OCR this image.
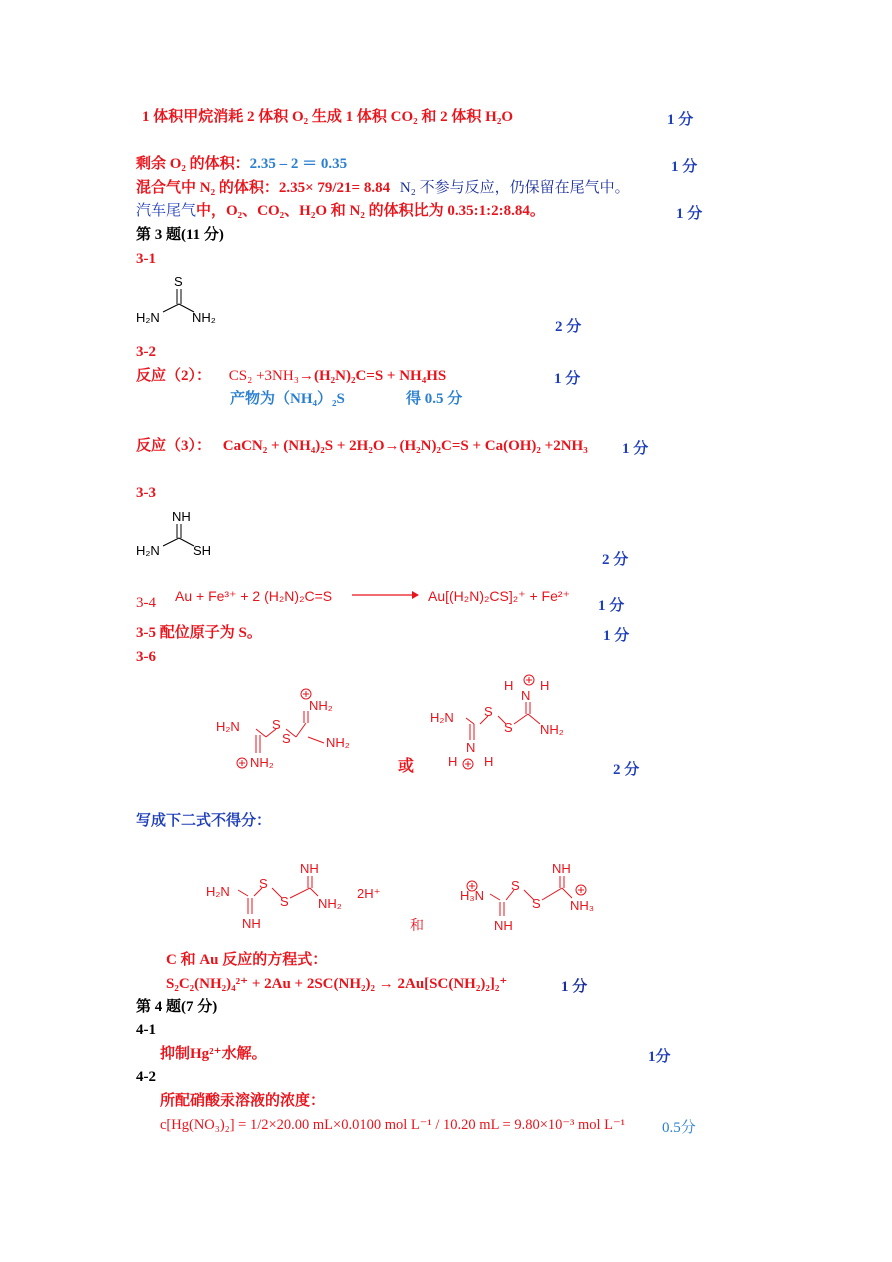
1 体积甲烷消耗 2 体积 O₂ 生成 1 体积 CO₂ 和 2 体积 H₂O	1 分
剩余 O₂ 的体积：2.35 – 2 ＝ 0.35	1 分
混合气中 N₂ 的体积：2.35× 79/21= 8.84 N₂ 不参与反应，仍保留在尾气中。
汽车尾气中，O₂、CO₂、H₂O 和 N₂ 的体积比为 0.35:1:2:8.84。	1 分
第 3 题(11 分)
3-1
S
H₂N NH₂
2 分
3-2
反应（2）： CS₂ +3NH₃→(H₂N)₂C=S + NH₄HS	1 分
产物为（NH₄）₂S	得 0.5 分
反应（3）： CaCN₂ + (NH₄)₂S + 2H₂O→(H₂N)₂C=S + Ca(OH)₂ +2NH₃ 1 分
3-3
NH
H₂N	SH
2 分
3-4 Au + Fe³⁺ + 2 (H₂N)₂C=S	Au[(H₂N)₂CS]₂⁺ + Fe²⁺
1 分
3-5 配位原子为 S。	1 分
3-6
NH₂
H₂N S
S	NH₂
NH₂	或
H
N
H
H₂N S
S NH₂
H
N
H
2 分
写成下二式不得分：
NH
H₂N
S
S NH₂
NH
2H⁺
和
NH
H₃N
S
S NH₃
NH
C 和 Au 反应的方程式：
S₂C₂(NH₂)₄²⁺ + 2Au + 2SC(NH₂)₂ → 2Au[SC(NH₂)₂]₂⁺	1 分
第 4 题(7 分)
4-1
抑制Hg²⁺水解。	1分
4-2
所配硝酸汞溶液的浓度：
c[Hg(NO₃)₂] = 1/2×20.00 mL×0.0100 mol L⁻¹ / 10.20 mL = 9.80×10⁻³ mol L⁻¹ 0.5分
